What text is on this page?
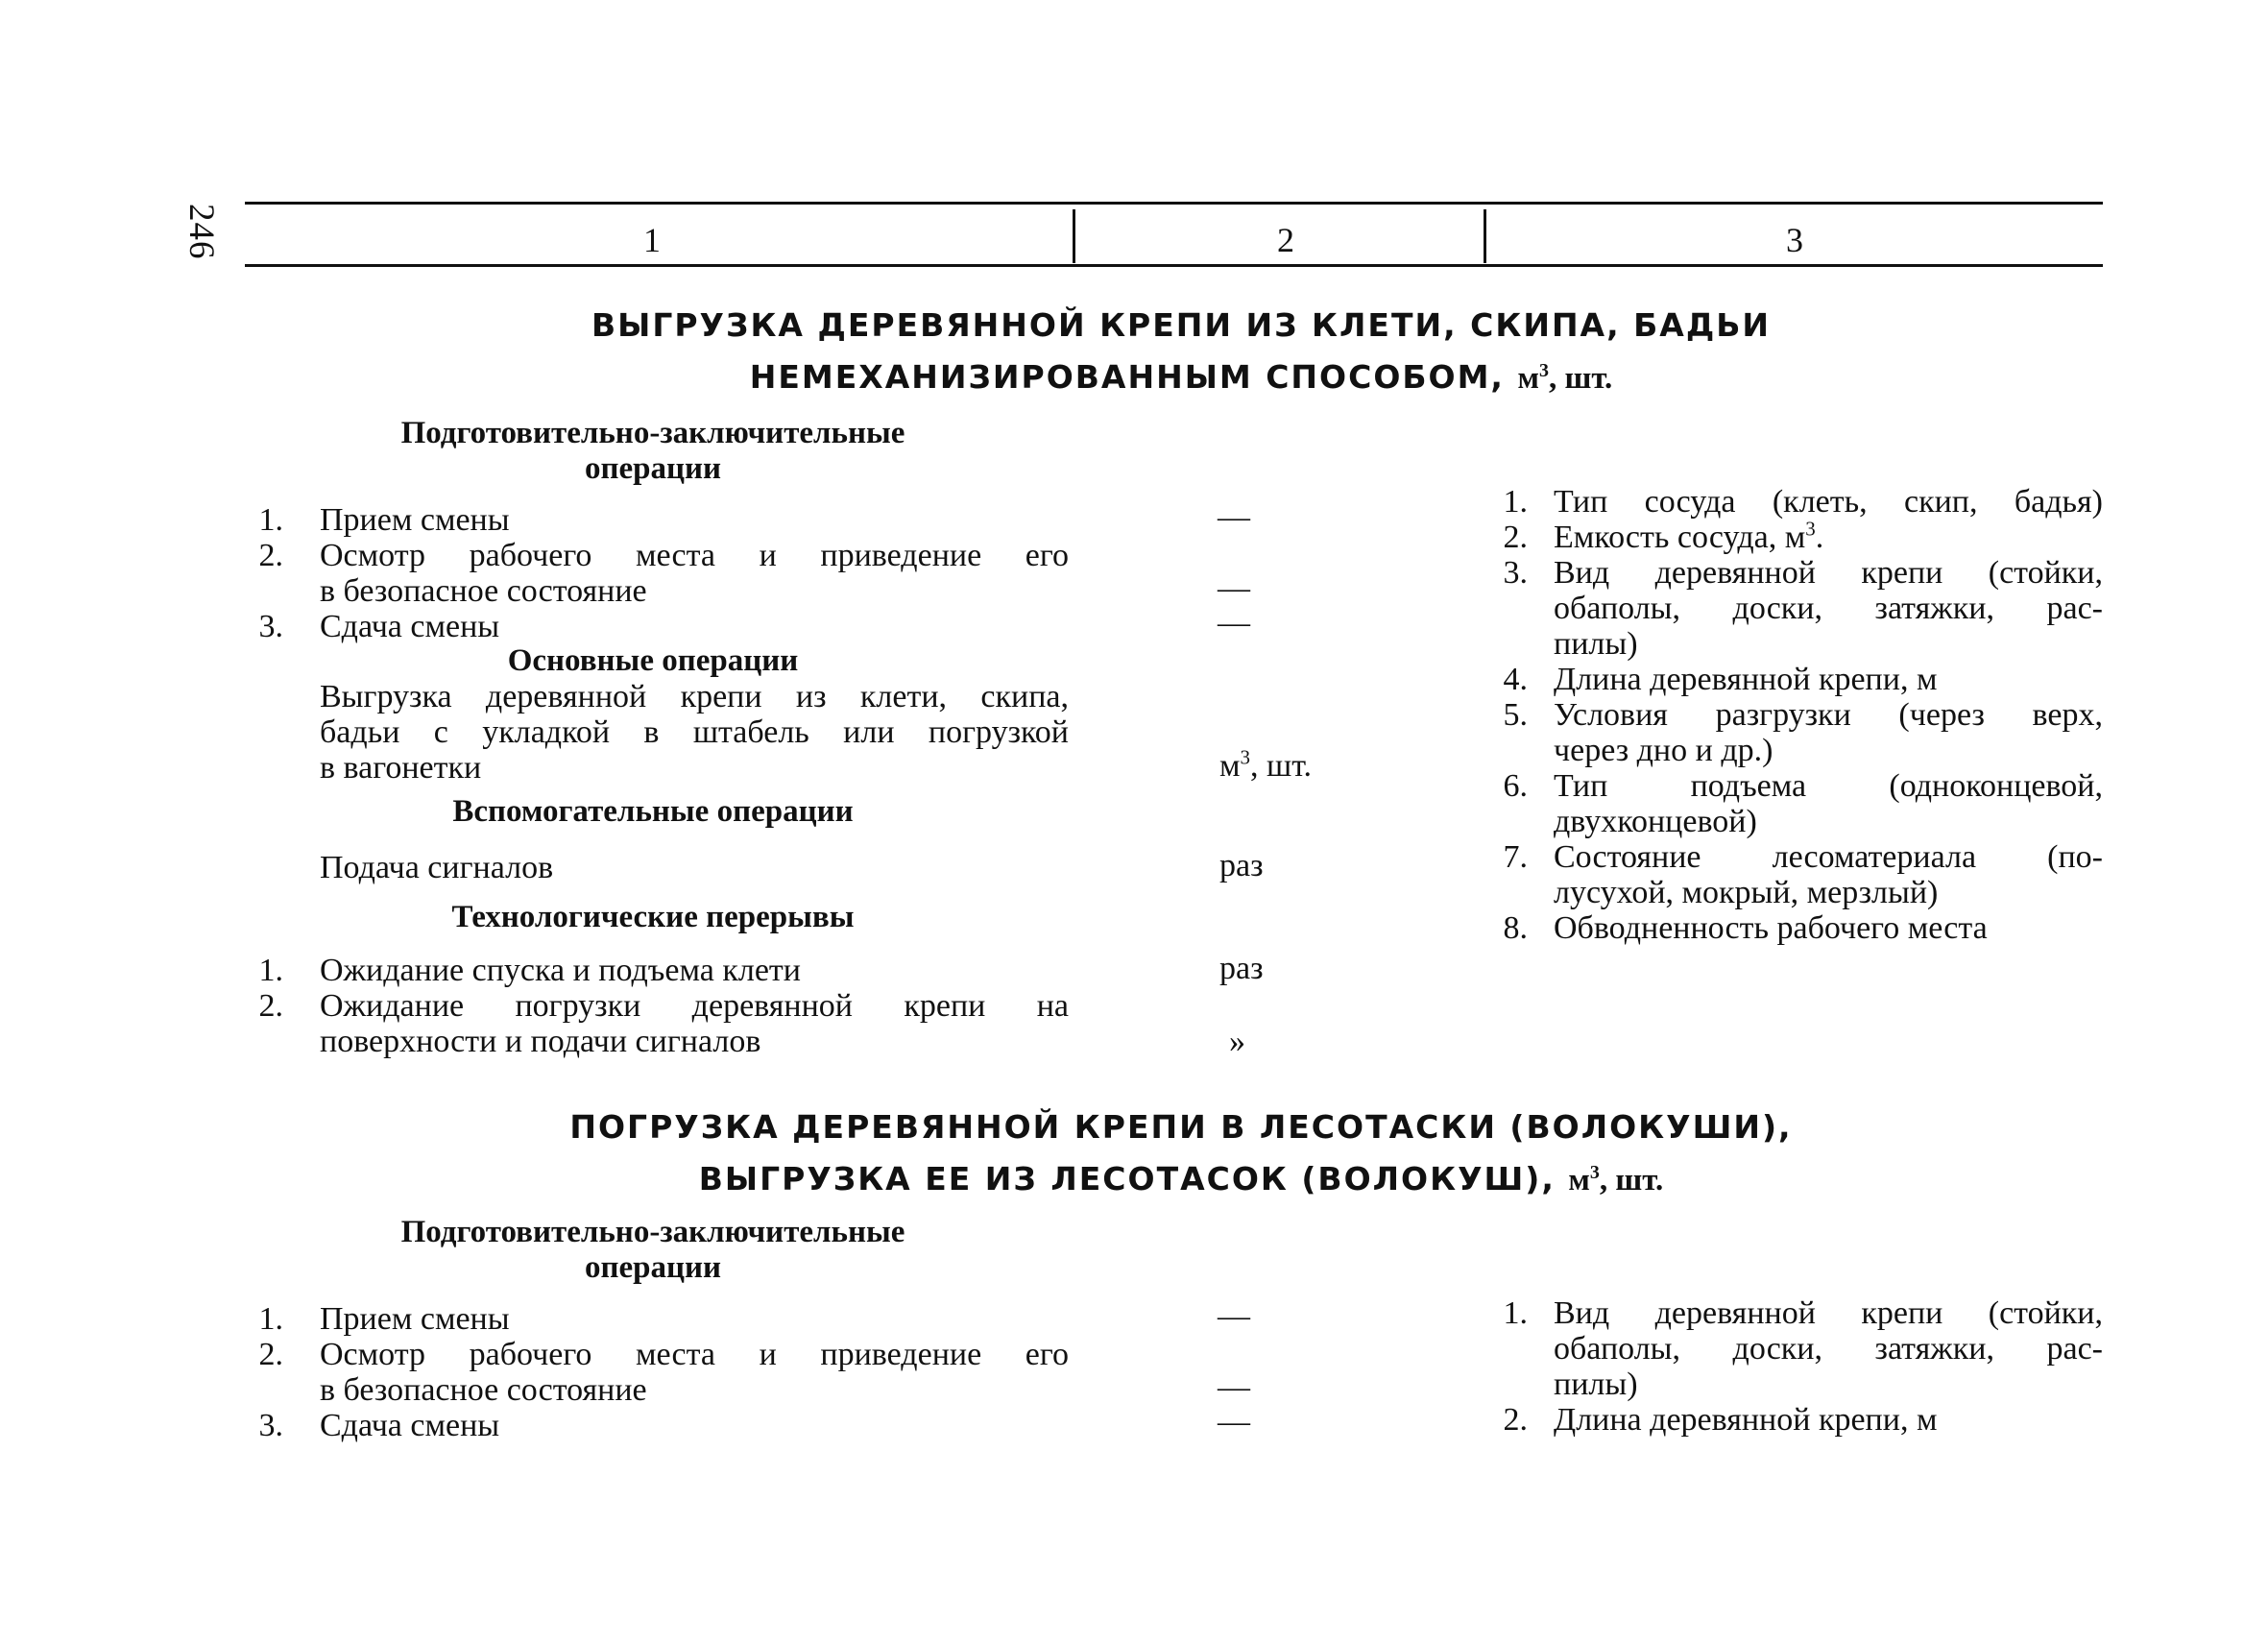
246	1	2	3
ВЫГРУЗКА ДЕРЕВЯННОЙ КРЕПИ ИЗ КЛЕТИ, СКИПА, БАДЬИ
НЕМЕХАНИЗИРОВАННЫМ СПОСОБОМ, $м^3$, шт.
Подготовительно-заключительные
операции
1. Прием смены	—
2. Осмотр рабочего места и приведение его
в безопасное состояние	—
3. Сдача смены	—
Основные операции
Выгрузка деревянной крепи из клети, скипа,
бадьи с укладкой в штабель или погрузкой
в вагонетки	$м^3$, шт.
Вспомогательные операции
Подача сигналов	раз
Технологические перерывы
1. Ожидание спуска и подъема клети	раз
2. Ожидание погрузки деревянной крепи на
поверхности и подачи сигналов	»
1. Тип сосуда (клеть, скип, бадья)
2. Емкость сосуда, $м^3$.
3. Вид деревянной крепи (стойки,
обаполы, доски, затяжки, рас-
пилы)
4. Длина деревянной крепи, м
5. Условия разгрузки (через верх,
через дно и др.)
6. Тип подъема (одноконцевой,
двухконцевой)
7. Состояние лесоматериала (по-
лусухой, мокрый, мерзлый)
8. Обводненность рабочего места
ПОГРУЗКА ДЕРЕВЯННОЙ КРЕПИ В ЛЕСОТАСКИ (ВОЛОКУШИ),
ВЫГРУЗКА ЕЕ ИЗ ЛЕСОТАСОК (ВОЛОКУШ), $м^3$, шт.
Подготовительно-заключительные
операции
1. Прием смены	—
2. Осмотр рабочего места и приведение его
в безопасное состояние	—
3. Сдача смены	—
1. Вид деревянной крепи (стойки,
обаполы, доски, затяжки, рас-
пилы)
2. Длина деревянной крепи, м
